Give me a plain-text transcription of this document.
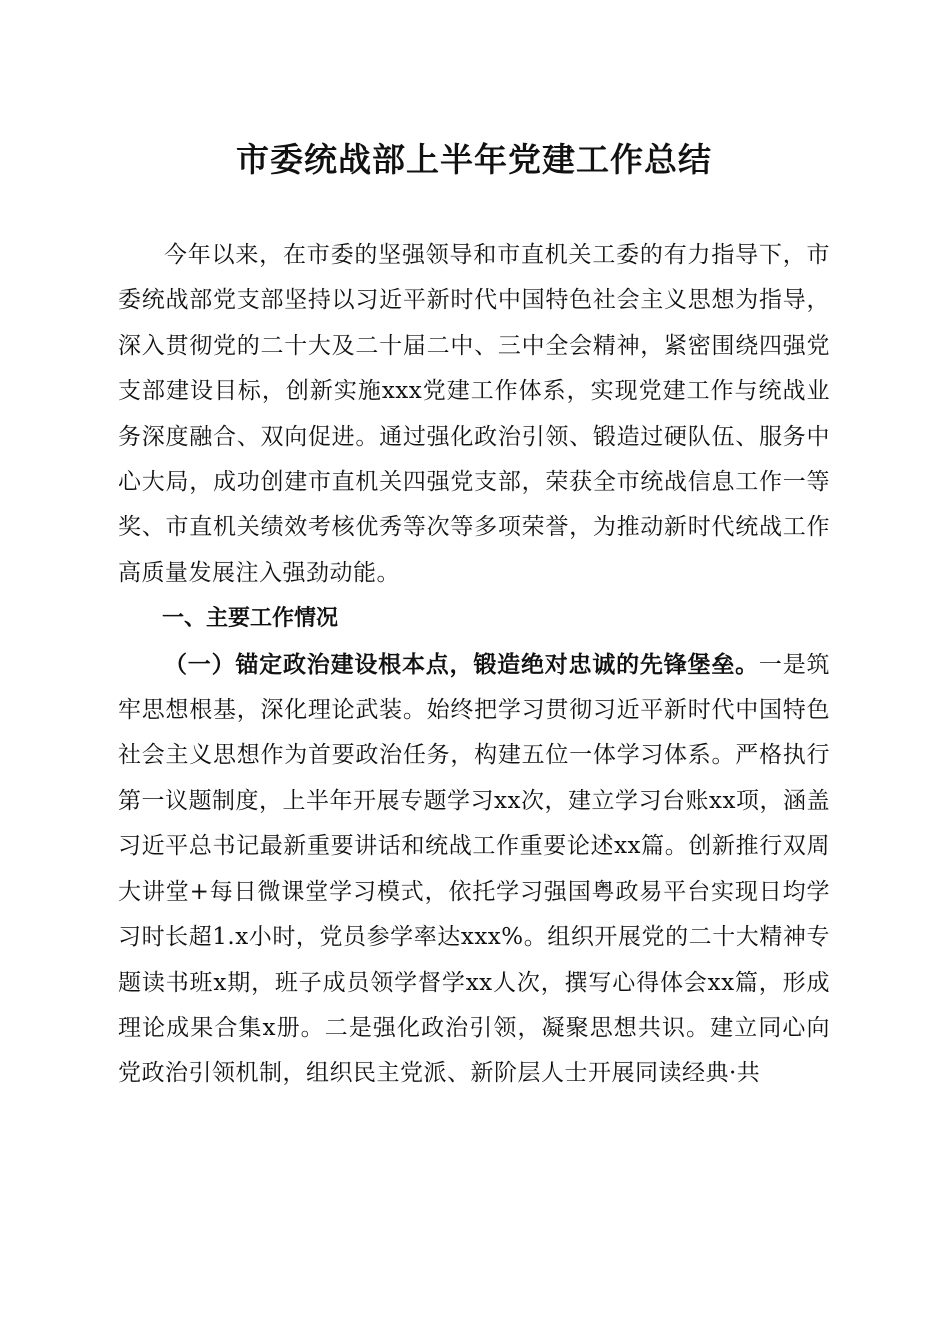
市委统战部上半年党建工作总结

今年以来，在市委的坚强领导和市直机关工委的有力指导下，市委统战部党支部坚持以习近平新时代中国特色社会主义思想为指导，深入贯彻党的二十大及二十届二中、三中全会精神，紧密围绕四强党支部建设目标，创新实施xxx党建工作体系，实现党建工作与统战业务深度融合、双向促进。通过强化政治引领、锻造过硬队伍、服务中心大局，成功创建市直机关四强党支部，荣获全市统战信息工作一等奖、市直机关绩效考核优秀等次等多项荣誉，为推动新时代统战工作高质量发展注入强劲动能。

一、主要工作情况

（一）锚定政治建设根本点，锻造绝对忠诚的先锋堡垒。一是筑牢思想根基，深化理论武装。始终把学习贯彻习近平新时代中国特色社会主义思想作为首要政治任务，构建五位一体学习体系。严格执行第一议题制度，上半年开展专题学习xx次，建立学习台账xx项，涵盖习近平总书记最新重要讲话和统战工作重要论述xx篇。创新推行双周大讲堂+每日微课堂学习模式，依托学习强国粤政易平台实现日均学习时长超1.x小时，党员参学率达xxx%。组织开展党的二十大精神专题读书班x期，班子成员领学督学xx人次，撰写心得体会xx篇，形成理论成果合集x册。二是强化政治引领，凝聚思想共识。建立同心向党政治引领机制，组织民主党派、新阶层人士开展同读经典·共
